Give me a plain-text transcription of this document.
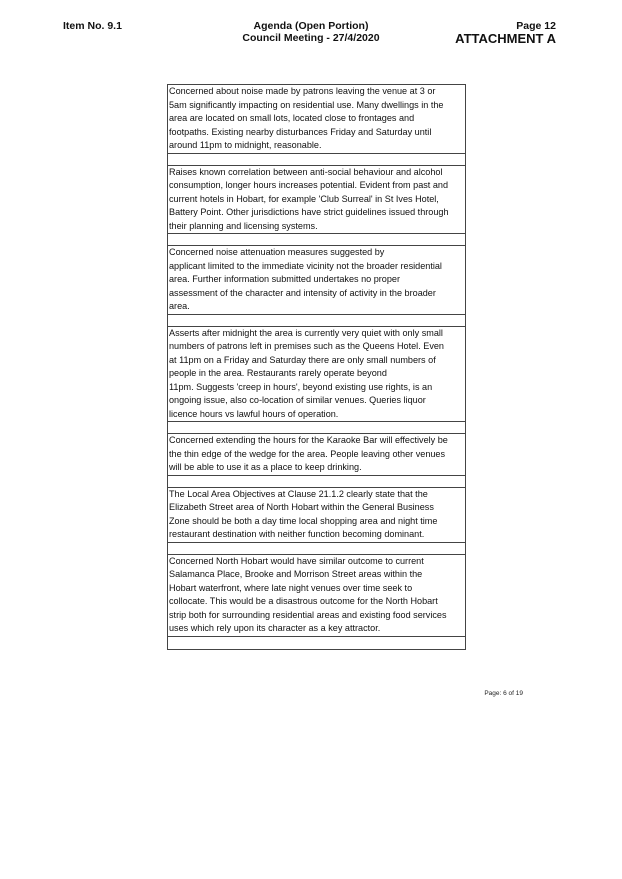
Item No. 9.1	Agenda (Open Portion)
Council Meeting - 27/4/2020
Page 12
ATTACHMENT A
Concerned about noise made by patrons leaving the venue at 3 or
5am significantly impacting on residential use. Many dwellings in the
area are located on small lots, located close to frontages and
footpaths. Existing nearby disturbances Friday and Saturday until
around 11pm to midnight, reasonable.

Raises known correlation between anti-social behaviour and alcohol
consumption, longer hours increases potential. Evident from past and
current hotels in Hobart, for example 'Club Surreal' in St Ives Hotel,
Battery Point. Other jurisdictions have strict guidelines issued through
their planning and licensing systems.

Concerned noise attenuation measures suggested by
applicant limited to the immediate vicinity not the broader residential
area. Further information submitted undertakes no proper
assessment of the character and intensity of activity in the broader
area.

Asserts after midnight the area is currently very quiet with only small
numbers of patrons left in premises such as the Queens Hotel. Even
at 11pm on a Friday and Saturday there are only small numbers of
people in the area. Restaurants rarely operate beyond
11pm. Suggests 'creep in hours', beyond existing use rights, is an
ongoing issue, also co-location of similar venues. Queries liquor
licence hours vs lawful hours of operation.

Concerned extending the hours for the Karaoke Bar will effectively be
the thin edge of the wedge for the area. People leaving other venues
will be able to use it as a place to keep drinking.

The Local Area Objectives at Clause 21.1.2 clearly state that the
Elizabeth Street area of North Hobart within the General Business
Zone should be both a day time local shopping area and night time
restaurant destination with neither function becoming dominant.

Concerned North Hobart would have similar outcome to current
Salamanca Place, Brooke and Morrison Street areas within the
Hobart waterfront, where late night venues over time seek to
collocate. This would be a disastrous outcome for the North Hobart
strip both for surrounding residential areas and existing food services
uses which rely upon its character as a key attractor.

Page: 6 of 19
